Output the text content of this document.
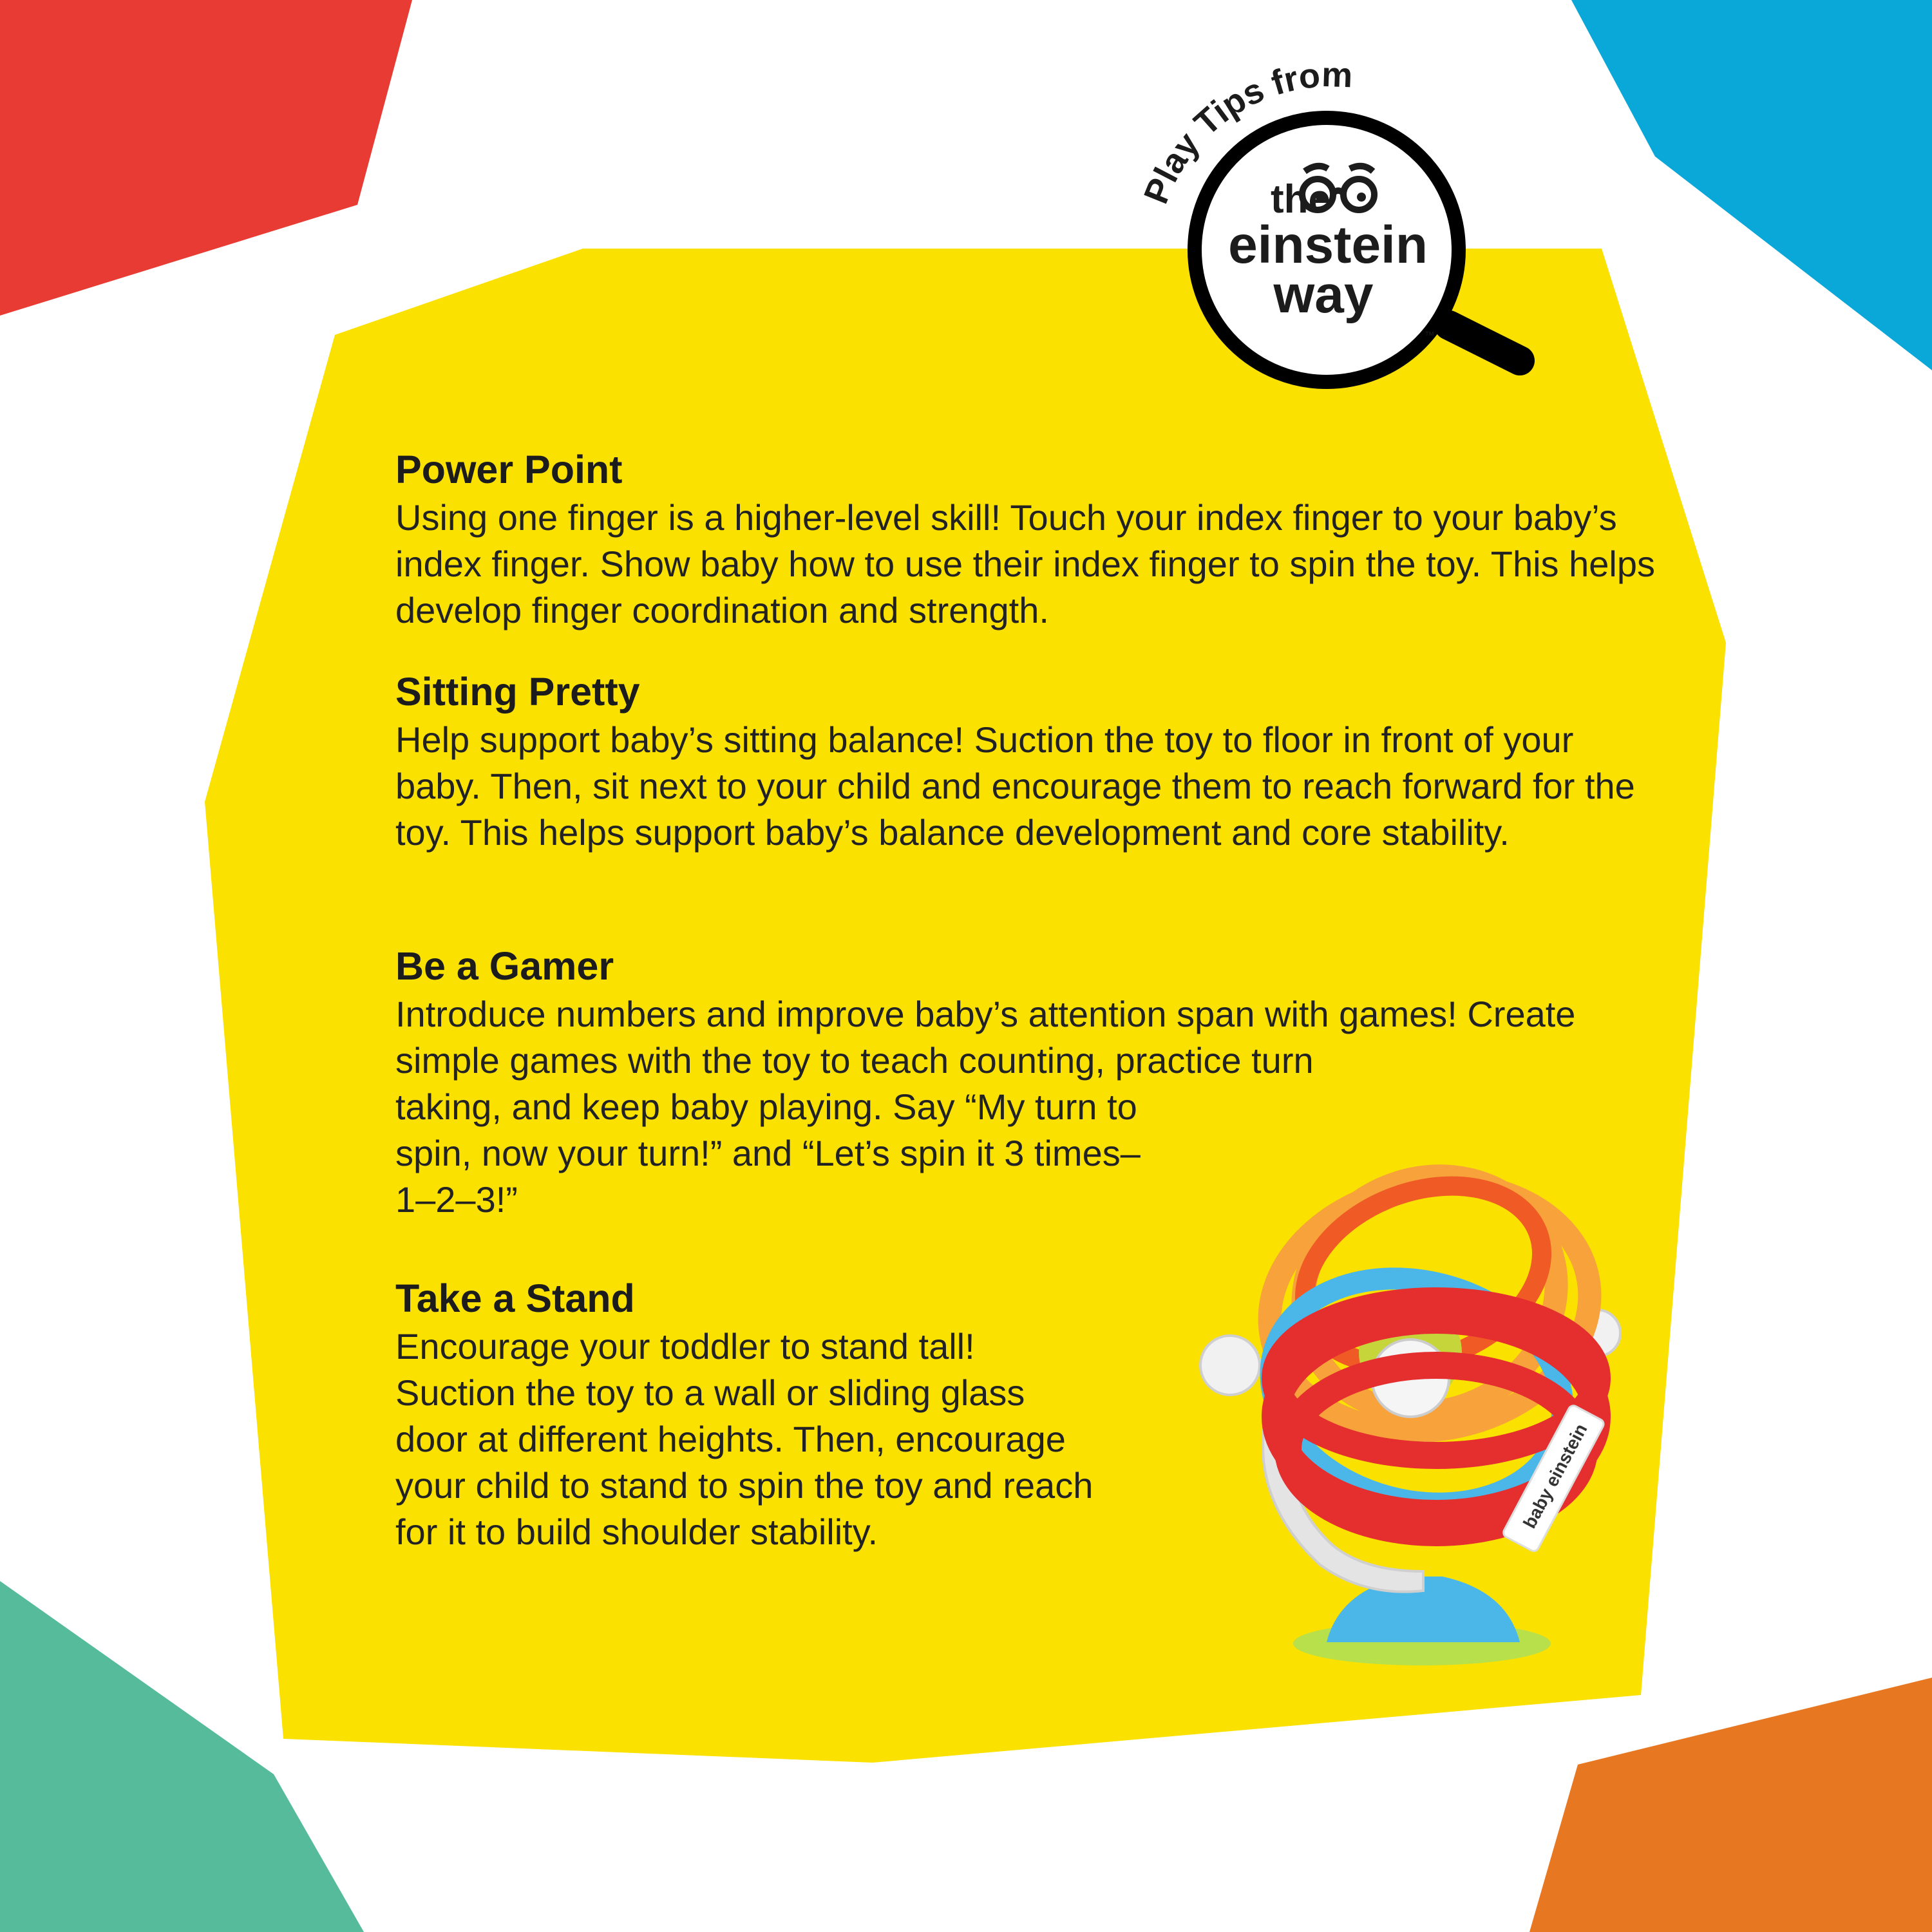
Play Tips from
the
einstein
way
™
Power Point

Using one finger is a higher-level skill! Touch your index finger to your baby’s index finger. Show baby how to use their index finger to spin the toy. This helps develop finger coordination and strength.

Sitting Pretty

Help support baby’s sitting balance! Suction the toy to floor in front of your baby. Then, sit next to your child and encourage them to reach forward for the toy. This helps support baby’s balance development and core stability.

Be a Gamer

Introduce numbers and improve baby’s attention span with games! Create simple games with the toy to teach counting, practice turn

taking, and keep baby playing. Say “My turn to spin, now your turn!” and “Let’s spin it 3 times–1–2–3!”

Take a Stand

Encourage your toddler to stand tall! Suction the toy to a wall or sliding glass door at different heights. Then, encourage your child to stand to spin the toy and reach for it to build shoulder stability.

baby einstein
